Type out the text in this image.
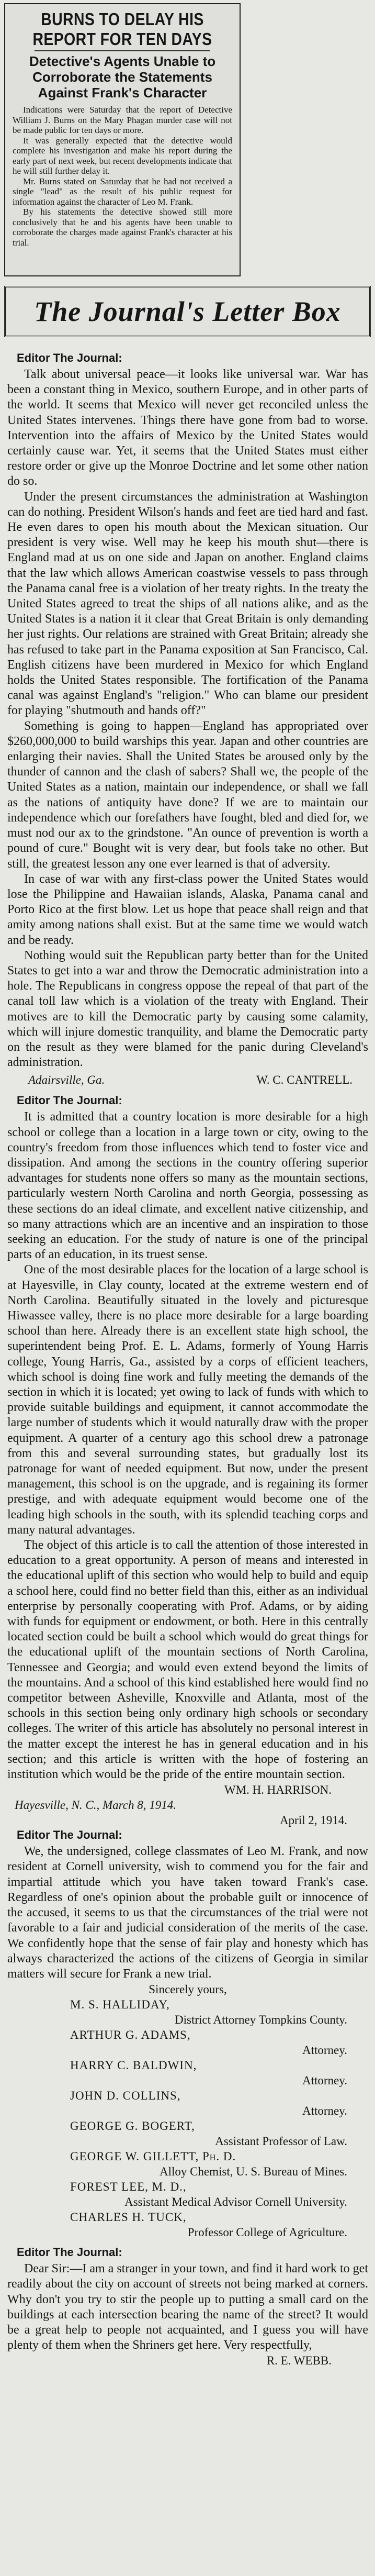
BURNS TO DELAY HIS REPORT FOR TEN DAYS
Detective's Agents Unable to Corroborate the Statements Against Frank's Character

Indications were Saturday that the report of Detective William J. Burns on the Mary Phagan murder case will not be made public for ten days or more.

It was generally expected that the detective would complete his investigation and make his report during the early part of next week, but recent developments indicate that he will still further delay it.

Mr. Burns stated on Saturday that he had not received a single "lead" as the result of his public request for information against the character of Leo M. Frank.

By his statements the detective showed still more conclusively that he and his agents have been unable to corroborate the charges made against Frank's character at his trial.

The Journal's Letter Box
Editor The Journal:

Talk about universal peace—it looks like universal war. War has been a constant thing in Mexico, southern Europe, and in other parts of the world. It seems that Mexico will never get reconciled unless the United States intervenes. Things there have gone from bad to worse. Intervention into the affairs of Mexico by the United States would certainly cause war. Yet, it seems that the United States must either restore order or give up the Monroe Doctrine and let some other nation do so.

Under the present circumstances the administration at Washington can do nothing. President Wilson's hands and feet are tied hard and fast. He even dares to open his mouth about the Mexican situation. Our president is very wise. Well may he keep his mouth shut—there is England mad at us on one side and Japan on another. England claims that the law which allows American coastwise vessels to pass through the Panama canal free is a violation of her treaty rights. In the treaty the United States agreed to treat the ships of all nations alike, and as the United States is a nation it it clear that Great Britain is only demanding her just rights. Our relations are strained with Great Britain; already she has refused to take part in the Panama exposition at San Francisco, Cal. English citizens have been murdered in Mexico for which England holds the United States responsible. The fortification of the Panama canal was against England's "religion." Who can blame our president for playing "shutmouth and hands off?"

Something is going to happen—England has appropriated over $260,000,000 to build warships this year. Japan and other countries are enlarging their navies. Shall the United States be aroused only by the thunder of cannon and the clash of sabers? Shall we, the people of the United States as a nation, maintain our independence, or shall we fall as the nations of antiquity have done? If we are to maintain our independence which our forefathers have fought, bled and died for, we must nod our ax to the grindstone. "An ounce of prevention is worth a pound of cure." Bought wit is very dear, but fools take no other. But still, the greatest lesson any one ever learned is that of adversity.

In case of war with any first-class power the United States would lose the Philippine and Hawaiian islands, Alaska, Panama canal and Porto Rico at the first blow. Let us hope that peace shall reign and that amity among nations shall exist. But at the same time we would watch and be ready.

Nothing would suit the Republican party better than for the United States to get into a war and throw the Democratic administration into a hole. The Republicans in congress oppose the repeal of that part of the canal toll law which is a violation of the treaty with England. Their motives are to kill the Democratic party by causing some calamity, which will injure domestic tranquility, and blame the Democratic party on the result as they were blamed for the panic during Cleveland's administration.

Adairsville, Ga.	W. C. CANTRELL.
Editor The Journal:

It is admitted that a country location is more desirable for a high school or college than a location in a large town or city, owing to the country's freedom from those influences which tend to foster vice and dissipation. And among the sections in the country offering superior advantages for students none offers so many as the mountain sections, particularly western North Carolina and north Georgia, possessing as these sections do an ideal climate, and excellent native citizenship, and so many attractions which are an incentive and an inspiration to those seeking an education. For the study of nature is one of the principal parts of an education, in its truest sense.

One of the most desirable places for the location of a large school is at Hayesville, in Clay county, located at the extreme western end of North Carolina. Beautifully situated in the lovely and picturesque Hiwassee valley, there is no place more desirable for a large boarding school than here. Already there is an excellent state high school, the superintendent being Prof. E. L. Adams, formerly of Young Harris college, Young Harris, Ga., assisted by a corps of efficient teachers, which school is doing fine work and fully meeting the demands of the section in which it is located; yet owing to lack of funds with which to provide suitable buildings and equipment, it cannot accommodate the large number of students which it would naturally draw with the proper equipment. A quarter of a century ago this school drew a patronage from this and several surrounding states, but gradually lost its patronage for want of needed equipment. But now, under the present management, this school is on the upgrade, and is regaining its former prestige, and with adequate equipment would become one of the leading high schools in the south, with its splendid teaching corps and many natural advantages.

The object of this article is to call the attention of those interested in education to a great opportunity. A person of means and interested in the educational uplift of this section who would help to build and equip a school here, could find no better field than this, either as an individual enterprise by personally cooperating with Prof. Adams, or by aiding with funds for equipment or endowment, or both. Here in this centrally located section could be built a school which would do great things for the educational uplift of the mountain sections of North Carolina, Tennessee and Georgia; and would even extend beyond the limits of the mountains. And a school of this kind established here would find no competitor between Asheville, Knoxville and Atlanta, most of the schools in this section being only ordinary high schools or secondary colleges. The writer of this article has absolutely no personal interest in the matter except the interest he has in general education and in his section; and this article is written with the hope of fostering an institution which would be the pride of the entire mountain section.

WM. H. HARRISON.
Hayesville, N. C., March 8, 1914.
April 2, 1914.
Editor The Journal:

We, the undersigned, college classmates of Leo M. Frank, and now resident at Cornell university, wish to commend you for the fair and impartial attitude which you have taken toward Frank's case. Regardless of one's opinion about the probable guilt or innocence of the accused, it seems to us that the circumstances of the trial were not favorable to a fair and judicial consideration of the merits of the case. We confidently hope that the sense of fair play and honesty which has always characterized the actions of the citizens of Georgia in similar matters will secure for Frank a new trial.

Sincerely yours,
M. S. HALLIDAY,
District Attorney Tompkins County.
ARTHUR G. ADAMS,
Attorney.
HARRY C. BALDWIN,
Attorney.
JOHN D. COLLINS,
Attorney.
GEORGE G. BOGERT,
Assistant Professor of Law.
GEORGE W. GILLETT, Ph. D.
Alloy Chemist, U. S. Bureau of Mines.
FOREST LEE, M. D.,
Assistant Medical Advisor Cornell University.
CHARLES H. TUCK,
Professor College of Agriculture.
Editor The Journal:

Dear Sir:—I am a stranger in your town, and find it hard work to get readily about the city on account of streets not being marked at corners. Why don't you try to stir the people up to putting a small card on the buildings at each intersection bearing the name of the street? It would be a great help to people not acquainted, and I guess you will have plenty of them when the Shriners get here. Very respectfully,

R. E. WEBB.
